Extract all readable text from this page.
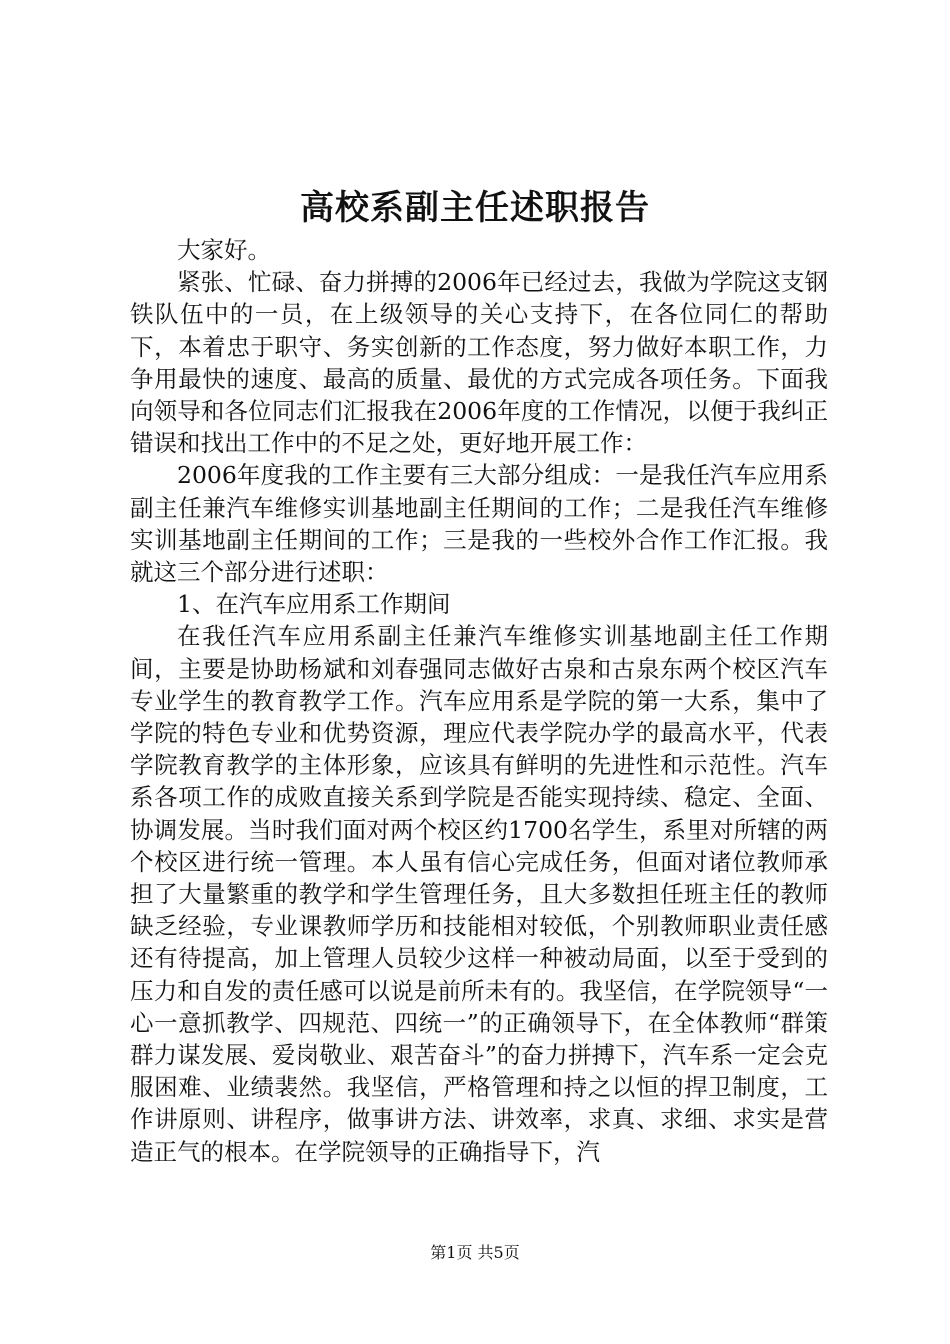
高校系副主任述职报告

大家好。

紧张、忙碌、奋力拼搏的2006年已经过去，我做为学院这支钢铁队伍中的一员，在上级领导的关心支持下，在各位同仁的帮助下，本着忠于职守、务实创新的工作态度，努力做好本职工作，力争用最快的速度、最高的质量、最优的方式完成各项任务。下面我向领导和各位同志们汇报我在2006年度的工作情况，以便于我纠正错误和找出工作中的不足之处，更好地开展工作：

2006年度我的工作主要有三大部分组成：一是我任汽车应用系副主任兼汽车维修实训基地副主任期间的工作；二是我任汽车维修实训基地副主任期间的工作；三是我的一些校外合作工作汇报。我就这三个部分进行述职：

1、在汽车应用系工作期间

在我任汽车应用系副主任兼汽车维修实训基地副主任工作期间，主要是协助杨斌和刘春强同志做好古泉和古泉东两个校区汽车专业学生的教育教学工作。汽车应用系是学院的第一大系，集中了学院的特色专业和优势资源，理应代表学院办学的最高水平，代表学院教育教学的主体形象，应该具有鲜明的先进性和示范性。汽车系各项工作的成败直接关系到学院是否能实现持续、稳定、全面、协调发展。当时我们面对两个校区约1700名学生，系里对所辖的两个校区进行统一管理。本人虽有信心完成任务，但面对诸位教师承担了大量繁重的教学和学生管理任务，且大多数担任班主任的教师缺乏经验，专业课教师学历和技能相对较低，个别教师职业责任感还有待提高，加上管理人员较少这样一种被动局面，以至于受到的压力和自发的责任感可以说是前所未有的。我坚信，在学院领导“一心一意抓教学、四规范、四统一”的正确领导下，在全体教师“群策群力谋发展、爱岗敬业、艰苦奋斗”的奋力拼搏下，汽车系一定会克服困难、业绩裴然。我坚信，严格管理和持之以恒的捍卫制度，工作讲原则、讲程序，做事讲方法、讲效率，求真、求细、求实是营造正气的根本。在学院领导的正确指导下，汽

第1页 共5页
